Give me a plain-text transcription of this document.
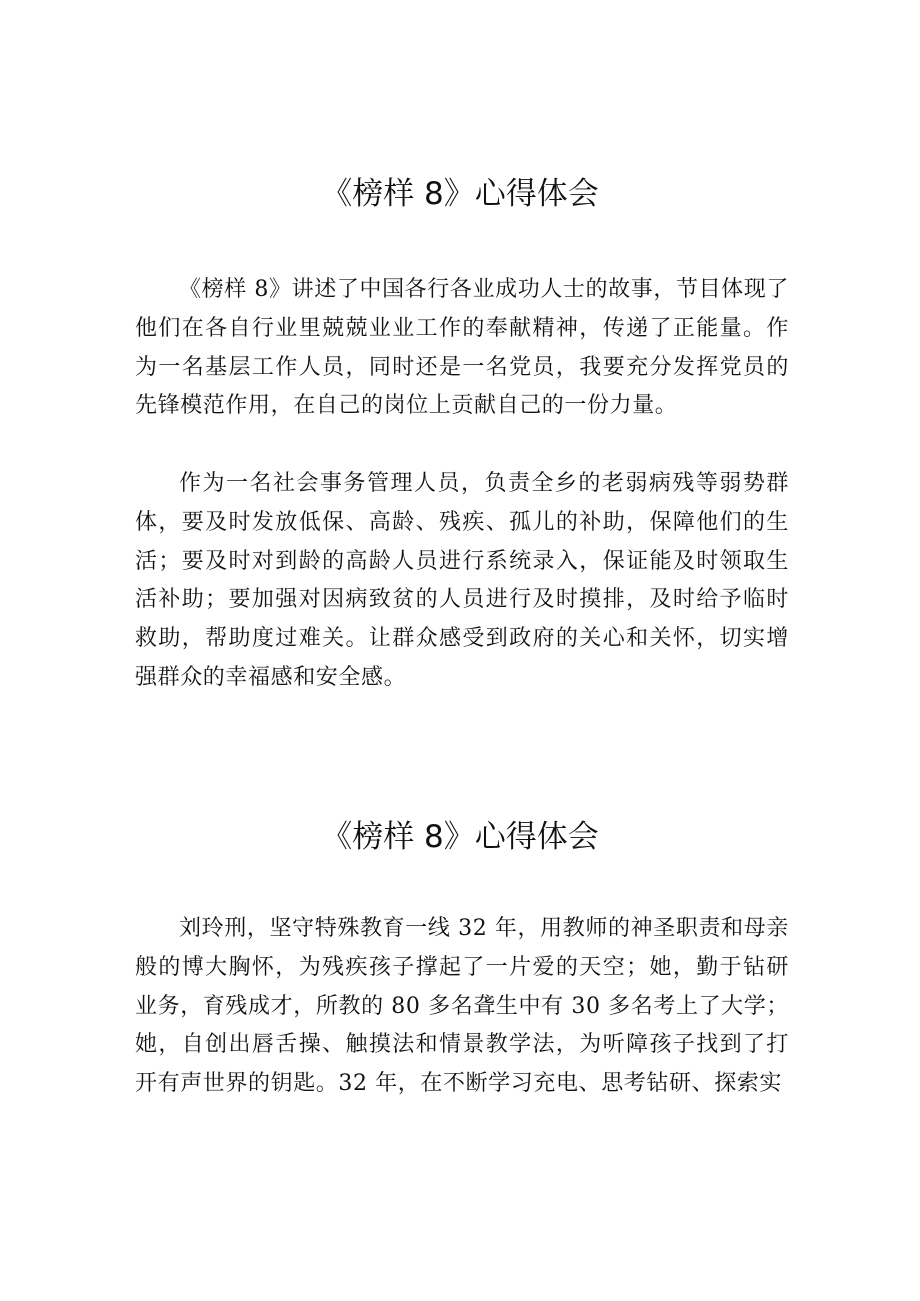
《榜样 8》心得体会

《榜样 8》讲述了中国各行各业成功人士的故事，节目体现了他们在各自行业里兢兢业业工作的奉献精神，传递了正能量。作为一名基层工作人员，同时还是一名党员，我要充分发挥党员的先锋模范作用，在自己的岗位上贡献自己的一份力量。

作为一名社会事务管理人员，负责全乡的老弱病残等弱势群体，要及时发放低保、高龄、残疾、孤儿的补助，保障他们的生活；要及时对到龄的高龄人员进行系统录入，保证能及时领取生活补助；要加强对因病致贫的人员进行及时摸排，及时给予临时救助，帮助度过难关。让群众感受到政府的关心和关怀，切实增强群众的幸福感和安全感。

《榜样 8》心得体会

刘玲刑，坚守特殊教育一线 32 年，用教师的神圣职责和母亲般的博大胸怀，为残疾孩子撑起了一片爱的天空；她，勤于钻研业务，育残成才，所教的 80 多名聋生中有 30 多名考上了大学；她，自创出唇舌操、触摸法和情景教学法，为听障孩子找到了打开有声世界的钥匙。32 年，在不断学习充电、思考钻研、探索实
